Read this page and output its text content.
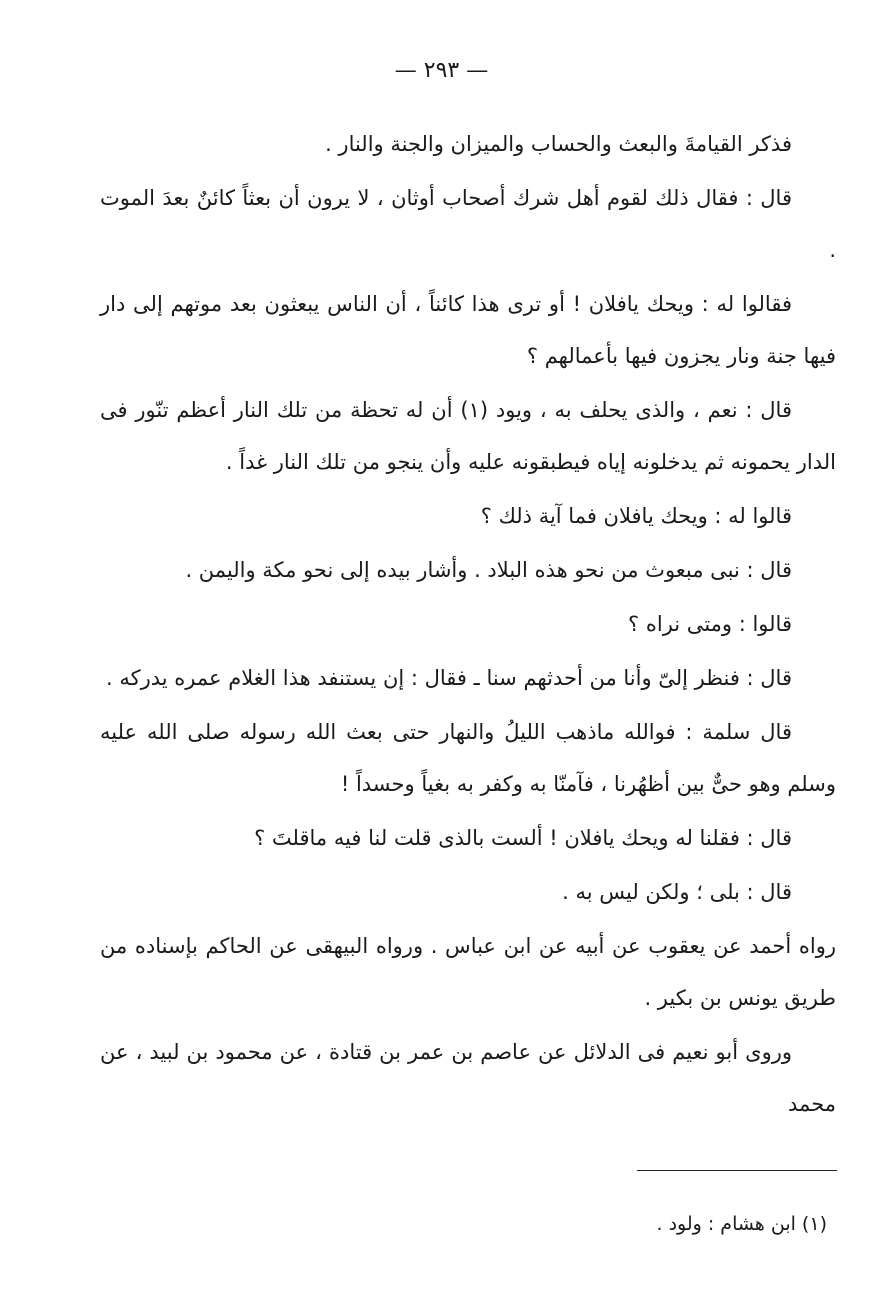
— ٢٩٣ —

فذكر القيامةَ والبعث والحساب والميزان والجنة والنار .

قال : فقال ذلك لقوم أهل شرك أصحاب أوثان ، لا يرون أن بعثاً كائنٌ بعدَ الموت .

فقالوا له : ويحك يافلان ! أو ترى هذا كائناً ، أن الناس يبعثون بعد موتهم إلى دار فيها جنة ونار يجزون فيها بأعمالهم ؟

قال : نعم ، والذى يحلف به ، ويود (١) أن له تحظة من تلك النار أعظم تنّور فى الدار يحمونه ثم يدخلونه إياه فيطبقونه عليه وأن ينجو من تلك النار غداً .

قالوا له : ويحك يافلان فما آية ذلك ؟

قال : نبى مبعوث من نحو هذه البلاد . وأشار بيده إلى نحو مكة واليمن .

قالوا : ومتى نراه ؟

قال : فنظر إلىّ وأنا من أحدثهم سنا ـ فقال : إن يستنفد هذا الغلام عمره يدركه .

قال سلمة : فوالله ماذهب الليلُ والنهار حتى بعث الله رسوله صلى الله عليه وسلم وهو حىٌّ بين أظهُرنا ، فآمنّا به وكفر به بغياً وحسداً !

قال : فقلنا له ويحك يافلان ! ألست بالذى قلت لنا فيه ماقلتَ ؟

قال : بلى ؛ ولكن ليس به .

رواه أحمد عن يعقوب عن أبيه عن ابن عباس . ورواه البيهقى عن الحاكم بإسناده من طريق يونس بن بكير .

وروى أبو نعيم فى الدلائل عن عاصم بن عمر بن قتادة ، عن محمود بن لبيد ، عن محمد

(١) ابن هشام : ولود .
